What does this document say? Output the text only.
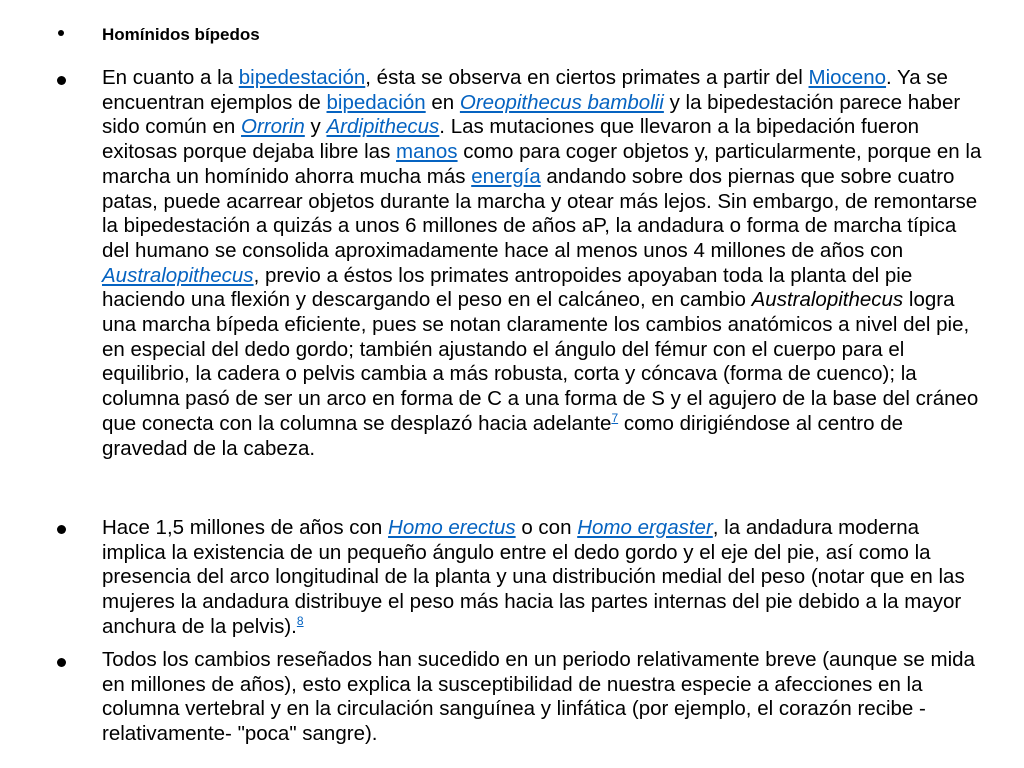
Homínidos bípedos
En cuanto a la bipedestación, ésta se observa en ciertos primates a partir del Mioceno. Ya se encuentran ejemplos de bipedación en Oreopithecus bambolii y la bipedestación parece haber sido común en Orrorin y Ardipithecus. Las mutaciones que llevaron a la bipedación fueron exitosas porque dejaba libre las manos como para coger objetos y, particularmente, porque en la marcha un homínido ahorra mucha más energía andando sobre dos piernas que sobre cuatro patas, puede acarrear objetos durante la marcha y otear más lejos. Sin embargo, de remontarse la bipedestación a quizás a unos 6 millones de años aP, la andadura o forma de marcha típica del humano se consolida aproximadamente hace al menos unos 4 millones de años con Australopithecus, previo a éstos los primates antropoides apoyaban toda la planta del pie haciendo una flexión y descargando el peso en el calcáneo, en cambio Australopithecus logra una marcha bípeda eficiente, pues se notan claramente los cambios anatómicos a nivel del pie, en especial del dedo gordo; también ajustando el ángulo del fémur con el cuerpo para el equilibrio, la cadera o pelvis cambia a más robusta, corta y cóncava (forma de cuenco); la columna pasó de ser un arco en forma de C a una forma de S y el agujero de la base del cráneo que conecta con la columna se desplazó hacia adelante$^7$ como dirigiéndose al centro de gravedad de la cabeza.
Hace 1,5 millones de años con Homo erectus o con Homo ergaster, la andadura moderna implica la existencia de un pequeño ángulo entre el dedo gordo y el eje del pie, así como la presencia del arco longitudinal de la planta y una distribución medial del peso (notar que en las mujeres la andadura distribuye el peso más hacia las partes internas del pie debido a la mayor anchura de la pelvis).$^8$
Todos los cambios reseñados han sucedido en un periodo relativamente breve (aunque se mida en millones de años), esto explica la susceptibilidad de nuestra especie a afecciones en la columna vertebral y en la circulación sanguínea y linfática (por ejemplo, el corazón recibe -relativamente- "poca" sangre).
